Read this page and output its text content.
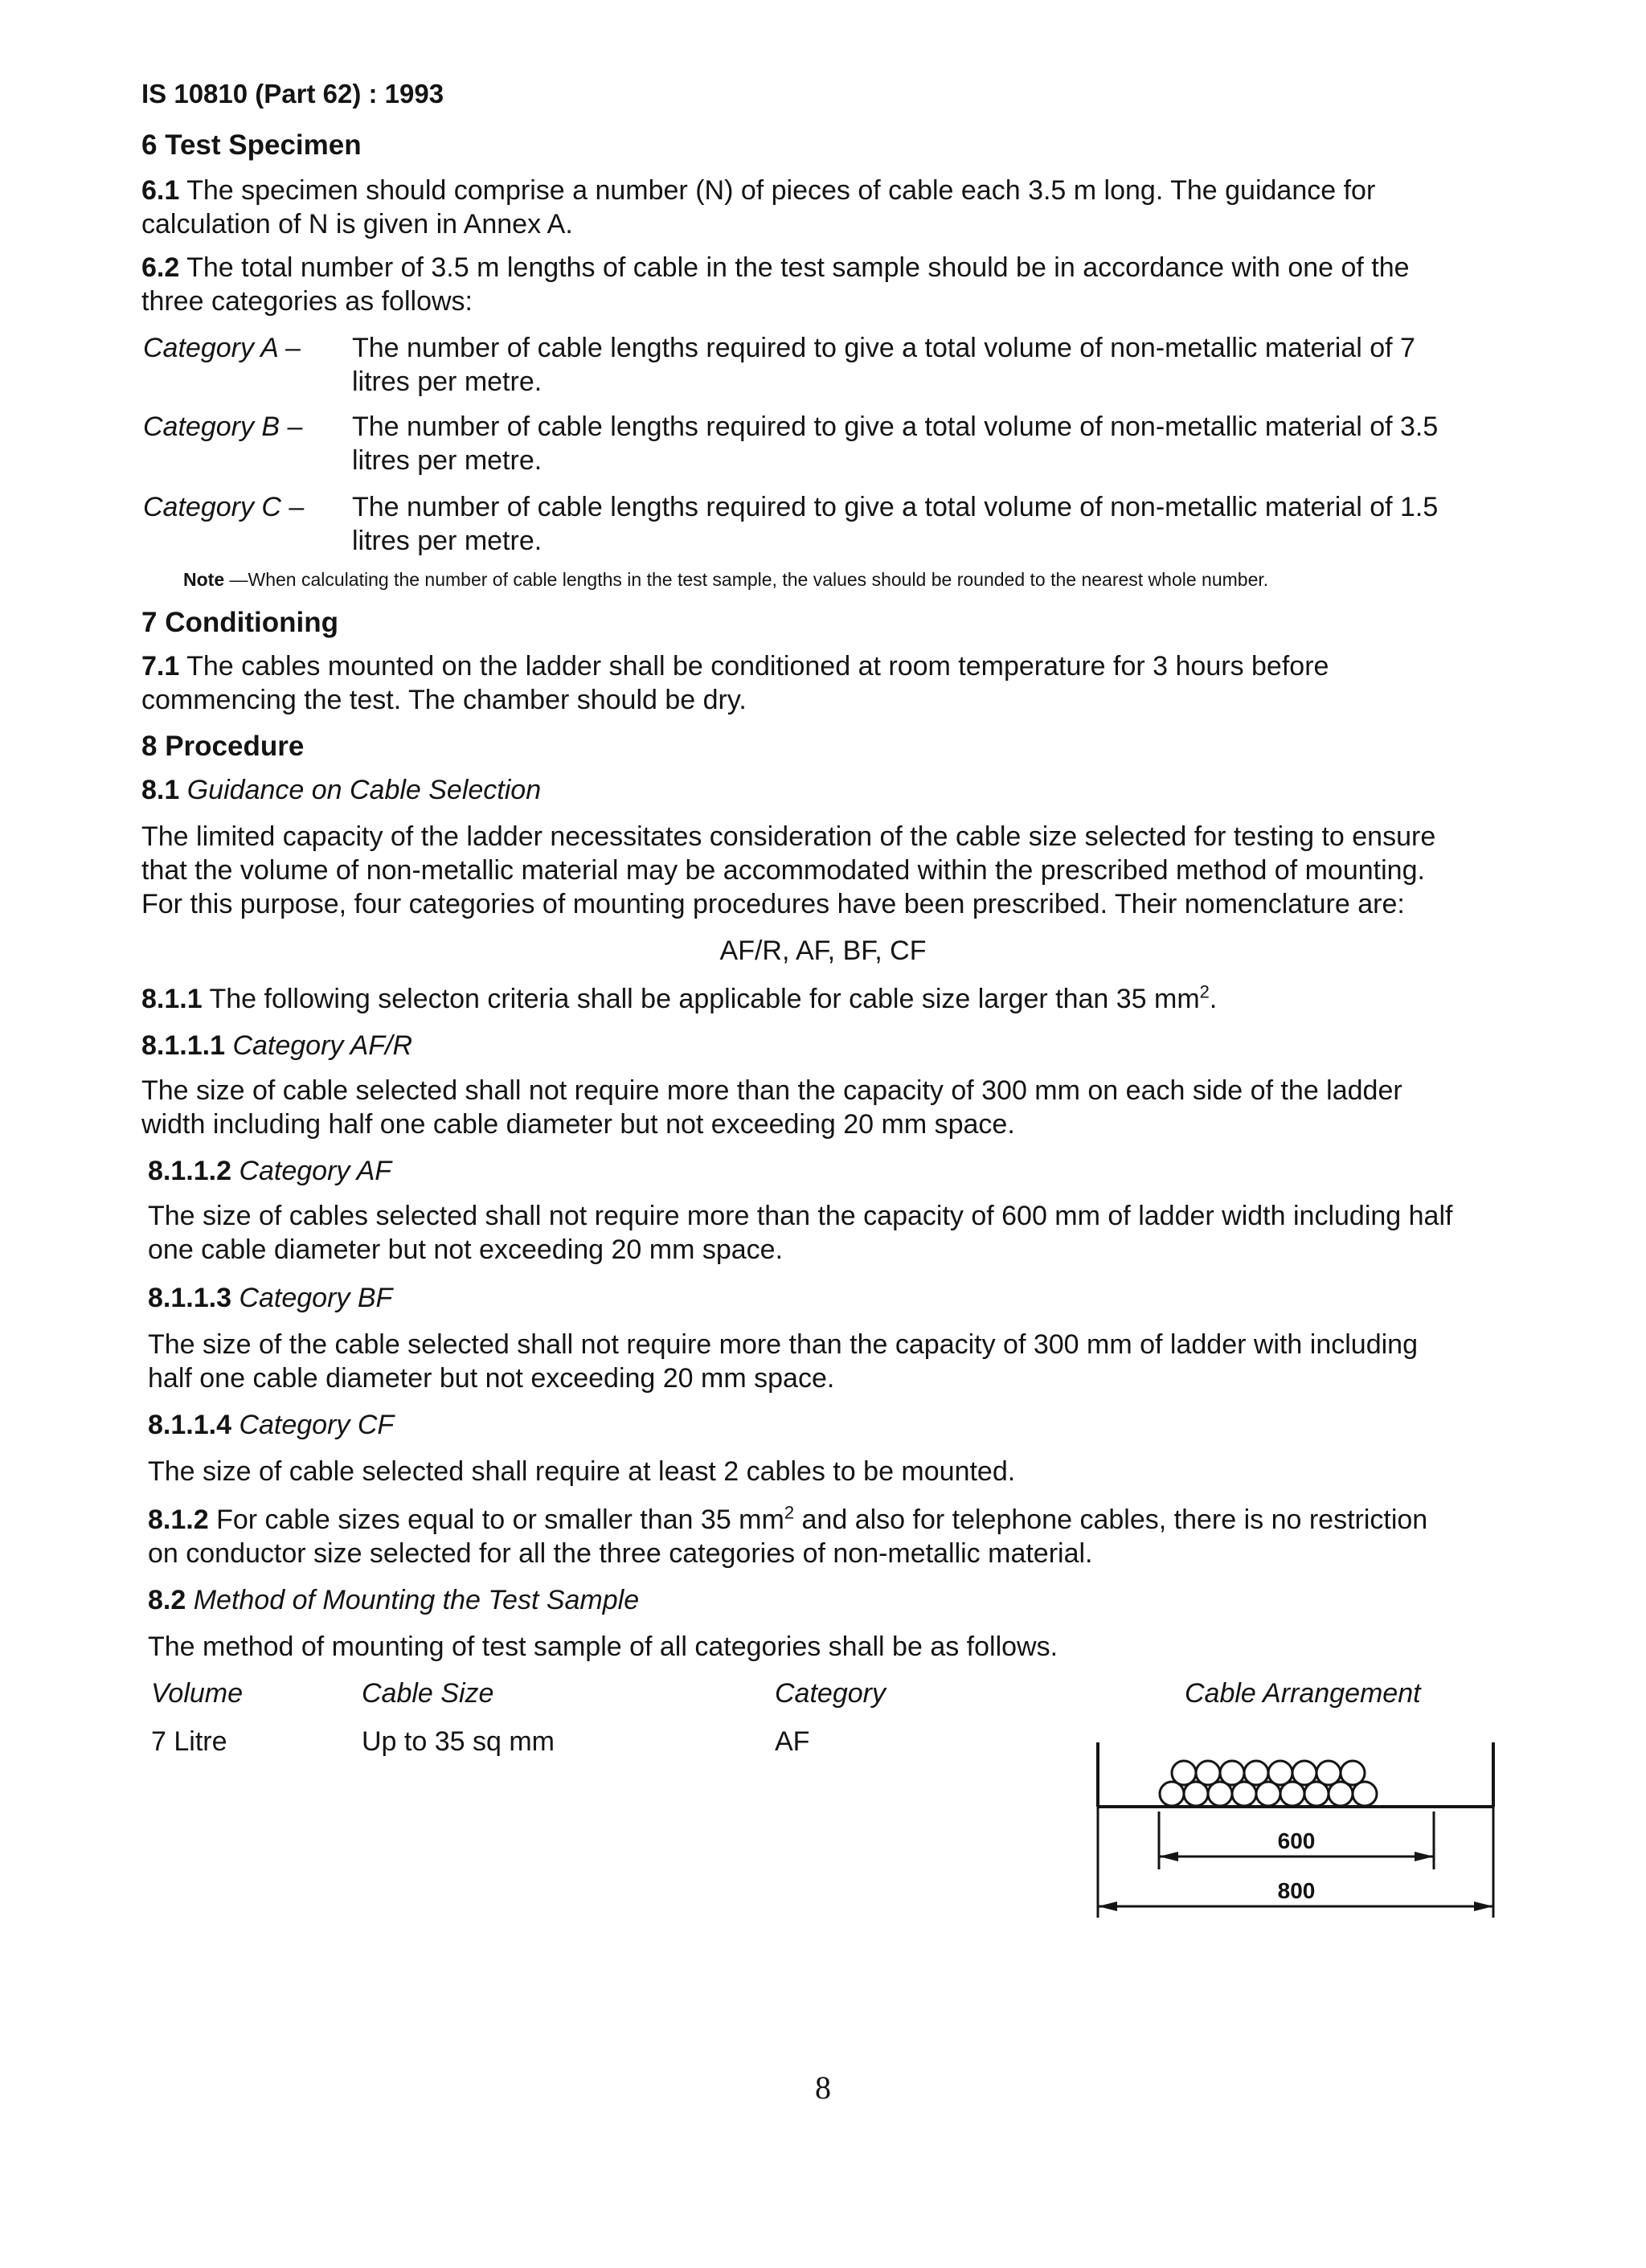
IS 10810 (Part 62) : 1993
6 Test Specimen
6.1 The specimen should comprise a number (N) of pieces of cable each 3.5 m long. The guidance for
calculation of N is given in Annex A.
6.2 The total number of 3.5 m lengths of cable in the test sample should be in accordance with one of the
three categories as follows:
Category A – The number of cable lengths required to give a total volume of non-metallic material of 7
litres per metre.
Category B – The number of cable lengths required to give a total volume of non-metallic material of 3.5
litres per metre.
Category C – The number of cable lengths required to give a total volume of non-metallic material of 1.5
litres per metre.
Note —When calculating the number of cable lengths in the test sample, the values should be rounded to the nearest whole number.
7 Conditioning
7.1 The cables mounted on the ladder shall be conditioned at room temperature for 3 hours before
commencing the test. The chamber should be dry.
8 Procedure
8.1 Guidance on Cable Selection
The limited capacity of the ladder necessitates consideration of the cable size selected for testing to ensure
that the volume of non-metallic material may be accommodated within the prescribed method of mounting.
For this purpose, four categories of mounting procedures have been prescribed. Their nomenclature are:
AF/R, AF, BF, CF
8.1.1 The following selecton criteria shall be applicable for cable size larger than 35 $mm^2$.
8.1.1.1 Category AF/R
The size of cable selected shall not require more than the capacity of 300 mm on each side of the ladder
width including half one cable diameter but not exceeding 20 mm space.
8.1.1.2 Category AF
The size of cables selected shall not require more than the capacity of 600 mm of ladder width including half
one cable diameter but not exceeding 20 mm space.
8.1.1.3 Category BF
The size of the cable selected shall not require more than the capacity of 300 mm of ladder with including
half one cable diameter but not exceeding 20 mm space.
8.1.1.4 Category CF
The size of cable selected shall require at least 2 cables to be mounted.
8.1.2 For cable sizes equal to or smaller than 35 $mm^2$ and also for telephone cables, there is no restriction
on conductor size selected for all the three categories of non-metallic material.
8.2 Method of Mounting the Test Sample
The method of mounting of test sample of all categories shall be as follows.
Volume	Cable Size	Category	Cable Arrangement
7 Litre	Up to 35 sq mm	AF
600
800
8
